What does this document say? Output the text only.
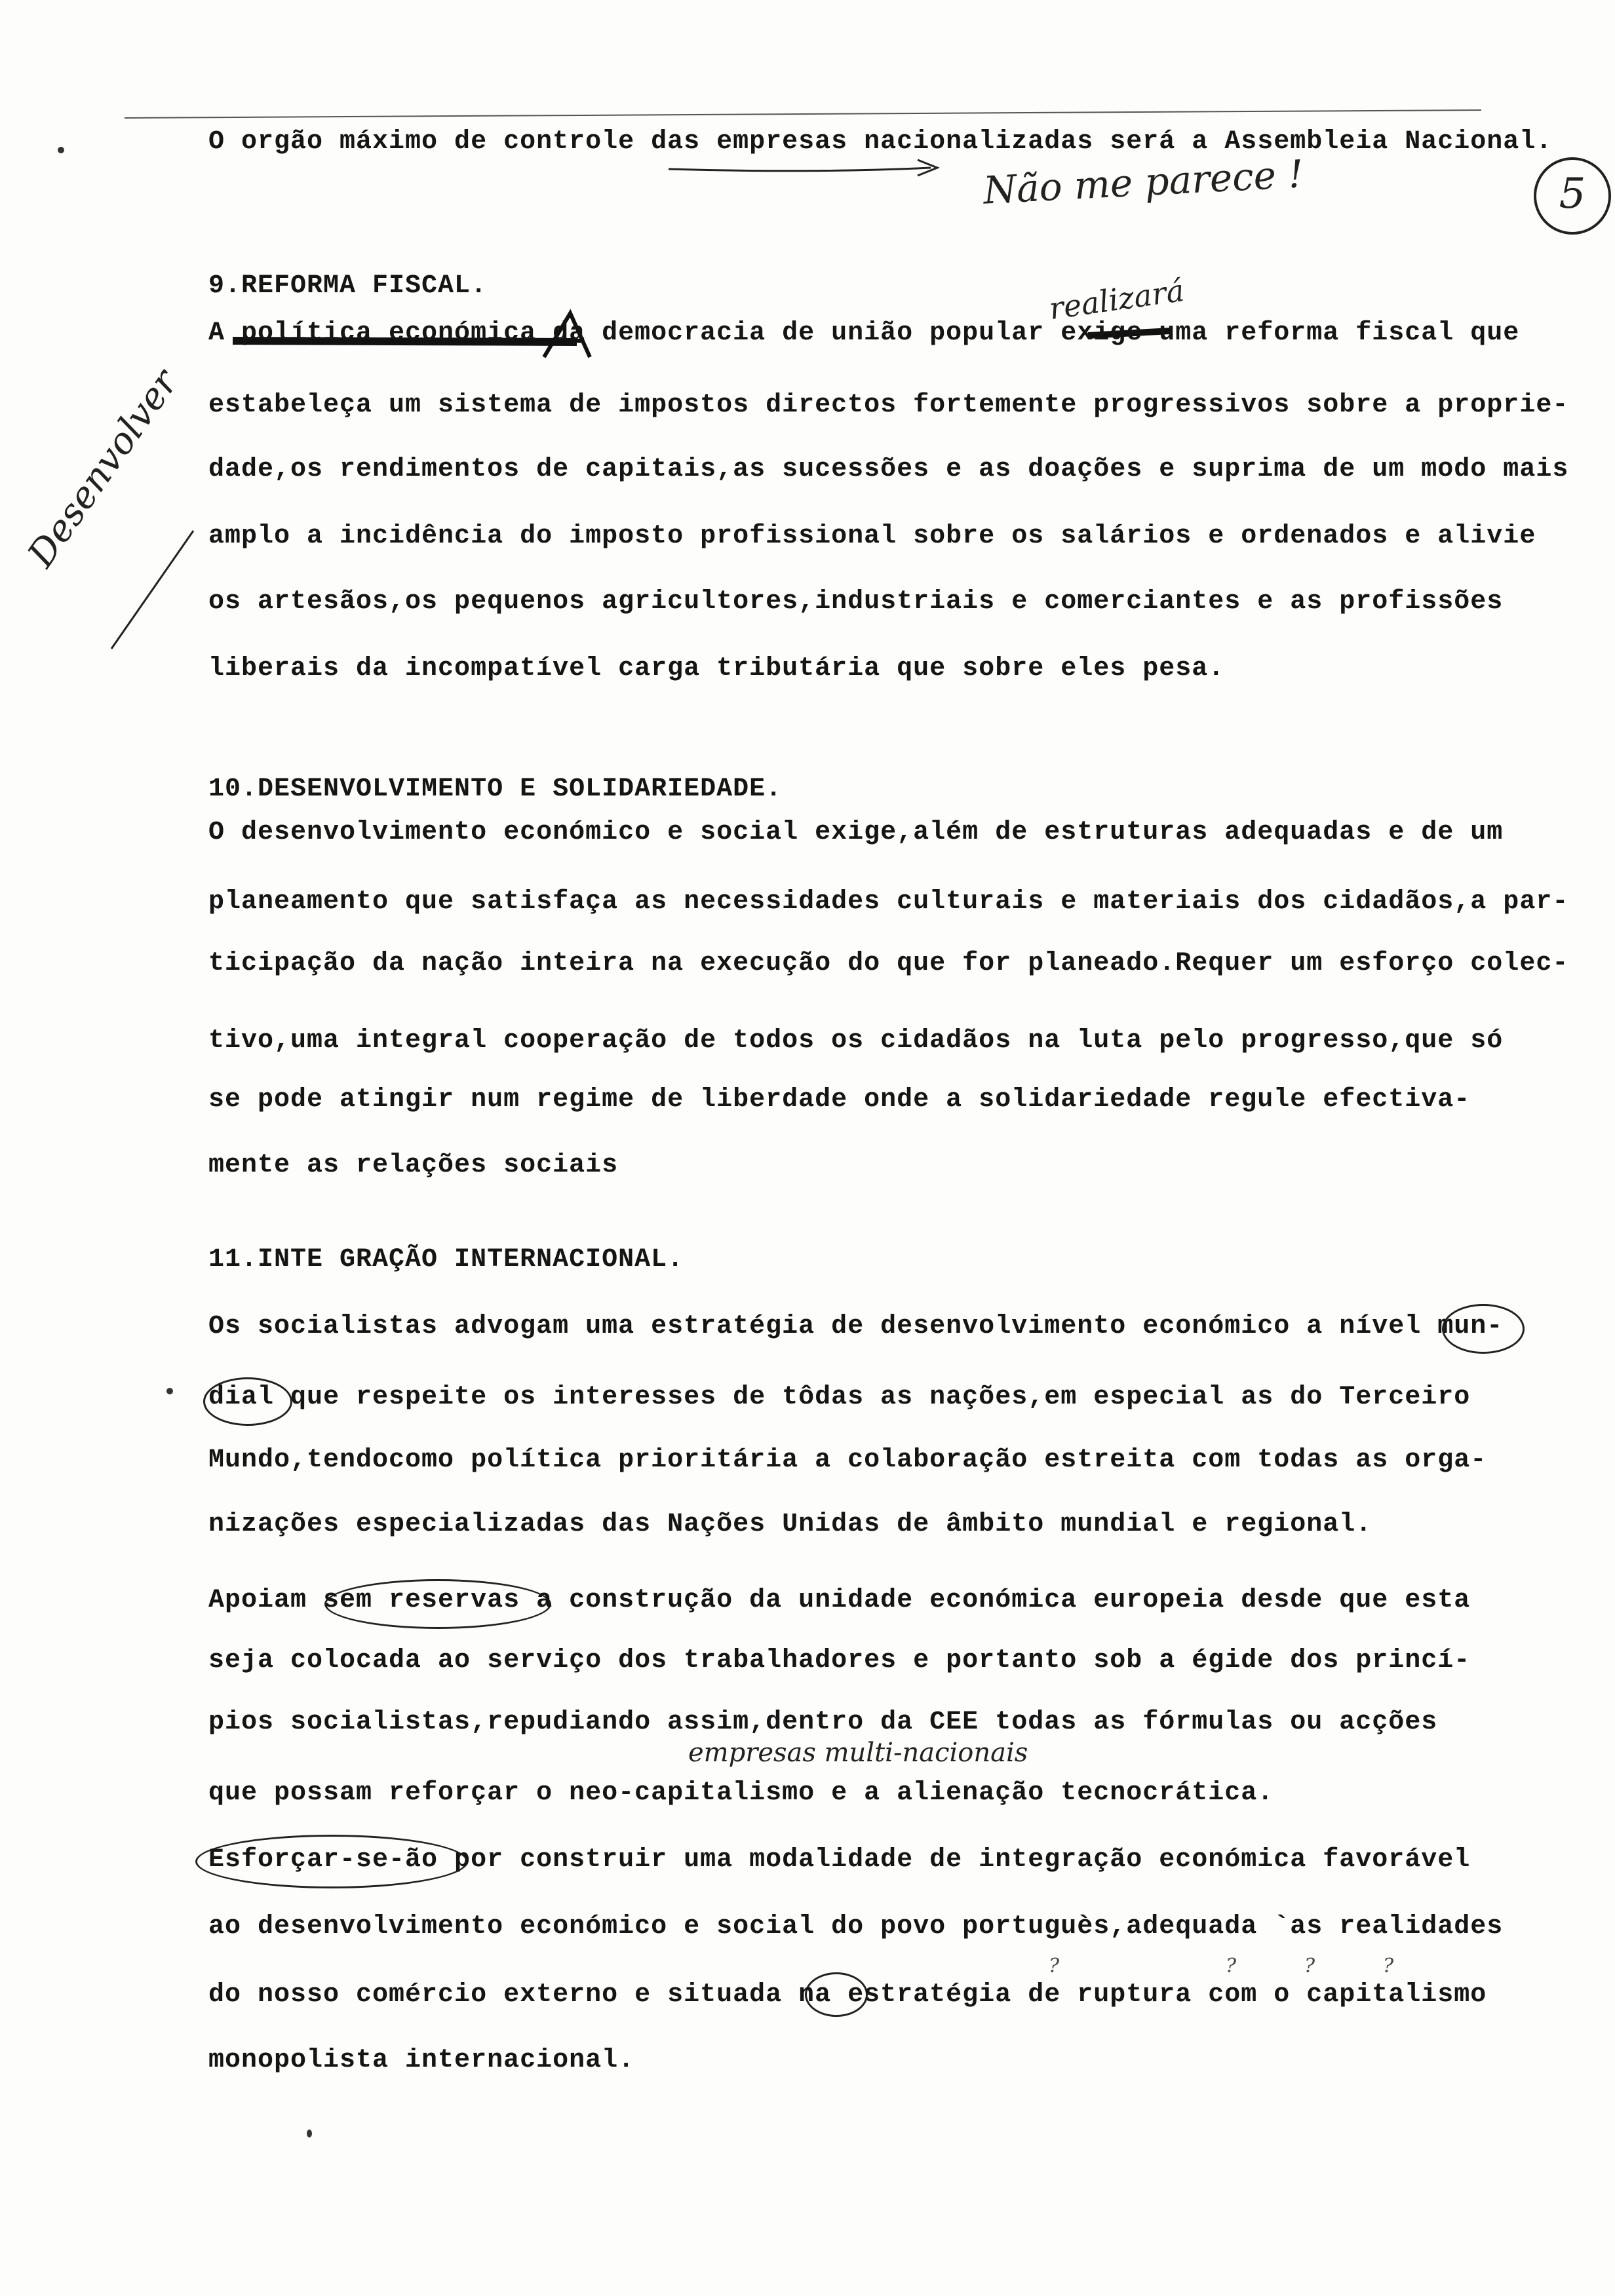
?	?	?	?
5
Não me parece !
realizará
Desenvolver
empresas multi-nacionais
O orgão máximo de controle das empresas nacionalizadas será a Assembleia Nacional.
9.REFORMA FISCAL.
A política económica da democracia de união popular exige uma reforma fiscal que
estabeleça um sistema de impostos directos fortemente progressivos sobre a proprie-
dade,os rendimentos de capitais,as sucessões e as doações e suprima de um modo mais
amplo a incidência do imposto profissional sobre os salários e ordenados e alivie
os artesãos,os pequenos agricultores,industriais e comerciantes e as profissões
liberais da incompatível carga tributária que sobre eles pesa.
10.DESENVOLVIMENTO E SOLIDARIEDADE.
O desenvolvimento económico e social exige,além de estruturas adequadas e de um
planeamento que satisfaça as necessidades culturais e materiais dos cidadãos,a par-
ticipação da nação inteira na execução do que for planeado.Requer um esforço colec-
tivo,uma integral cooperação de todos os cidadãos na luta pelo progresso,que só
se pode atingir num regime de liberdade onde a solidariedade regule efectiva-
mente as relações sociais
11.INTE GRAÇÃO INTERNACIONAL.
Os socialistas advogam uma estratégia de desenvolvimento económico a nível mun-
dial que respeite os interesses de tôdas as nações,em especial as do Terceiro
Mundo,tendocomo política prioritária a colaboração estreita com todas as orga-
nizações especializadas das Nações Unidas de âmbito mundial e regional.
Apoiam sem reservas a construção da unidade económica europeia desde que esta
seja colocada ao serviço dos trabalhadores e portanto sob a égide dos princí-
pios socialistas,repudiando assim,dentro da CEE todas as fórmulas ou acções
que possam reforçar o neo-capitalismo e a alienação tecnocrática.
Esforçar-se-ão por construir uma modalidade de integração económica favorável
ao desenvolvimento económico e social do povo portuguès,adequada `as realidades
do nosso comércio externo e situada na estratégia de ruptura com o capitalismo
monopolista internacional.
